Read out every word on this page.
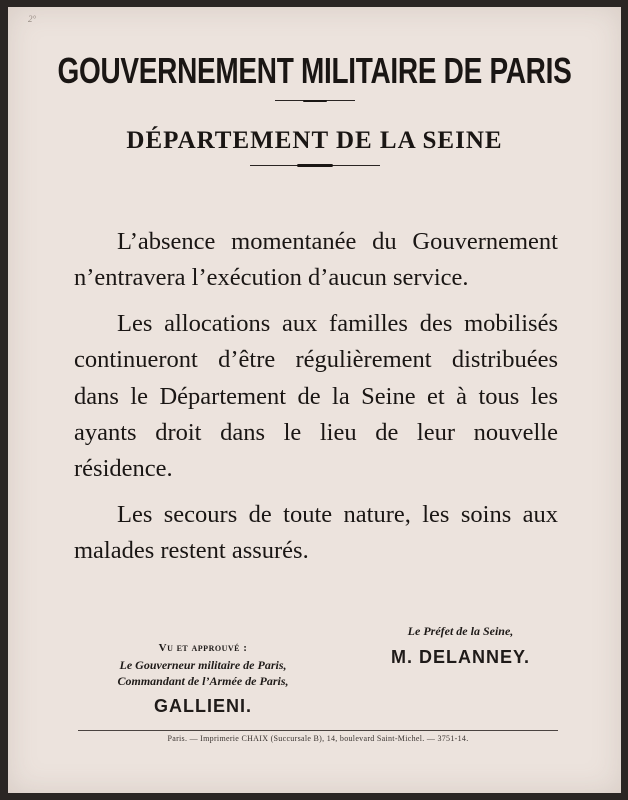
2°
GOUVERNEMENT MILITAIRE DE PARIS
DÉPARTEMENT DE LA SEINE

L’absence momentanée du Gouvernement n’entravera l’exécution d’aucun service.

Les allocations aux familles des mobilisés continueront d’être régulièrement distribuées dans le Département de la Seine et à tous les ayants droit dans le lieu de leur nouvelle résidence.

Les secours de toute nature, les soins aux malades restent assurés.

Vu et approuvé :
Le Gouverneur militaire de Paris,
Commandant de l’Armée de Paris,
GALLIENI.
Le Préfet de la Seine,
M. DELANNEY.
Paris. — Imprimerie CHAIX (Succursale B), 14, boulevard Saint-Michel. — 3751-14.
